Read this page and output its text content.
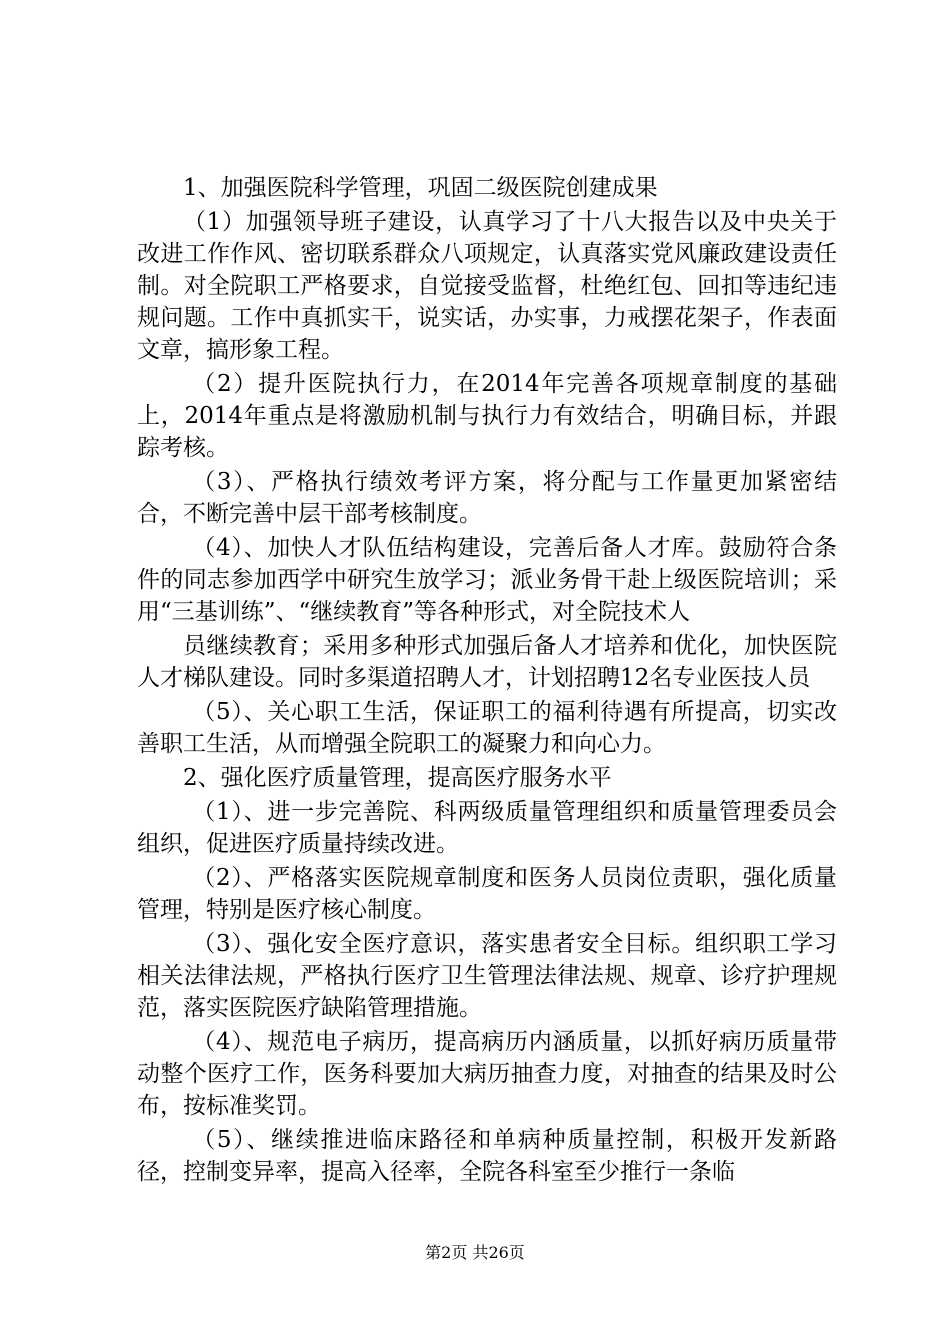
1、加强医院科学管理，巩固二级医院创建成果

（1）加强领导班子建设，认真学习了十八大报告以及中央关于改进工作作风、密切联系群众八项规定，认真落实党风廉政建设责任制。对全院职工严格要求，自觉接受监督，杜绝红包、回扣等违纪违规问题。工作中真抓实干，说实话，办实事，力戒摆花架子，作表面文章，搞形象工程。

（2）提升医院执行力，在2014年完善各项规章制度的基础上，2014年重点是将激励机制与执行力有效结合，明确目标，并跟踪考核。

（3）、严格执行绩效考评方案，将分配与工作量更加紧密结合，不断完善中层干部考核制度。

（4）、加快人才队伍结构建设，完善后备人才库。鼓励符合条件的同志参加西学中研究生放学习；派业务骨干赴上级医院培训；采用“三基训练”、“继续教育”等各种形式，对全院技术人

员继续教育；采用多种形式加强后备人才培养和优化，加快医院人才梯队建设。同时多渠道招聘人才，计划招聘12名专业医技人员

（5）、关心职工生活，保证职工的福利待遇有所提高，切实改善职工生活，从而增强全院职工的凝聚力和向心力。

2、强化医疗质量管理，提高医疗服务水平

（1）、进一步完善院、科两级质量管理组织和质量管理委员会组织，促进医疗质量持续改进。

（2）、严格落实医院规章制度和医务人员岗位责职，强化质量管理，特别是医疗核心制度。

（3）、强化安全医疗意识，落实患者安全目标。组织职工学习相关法律法规，严格执行医疗卫生管理法律法规、规章、诊疗护理规范，落实医院医疗缺陷管理措施。

（4）、规范电子病历，提高病历内涵质量，以抓好病历质量带动整个医疗工作，医务科要加大病历抽查力度，对抽查的结果及时公布，按标准奖罚。

（5）、继续推进临床路径和单病种质量控制，积极开发新路径，控制变异率，提高入径率，全院各科室至少推行一条临

第2页 共26页
